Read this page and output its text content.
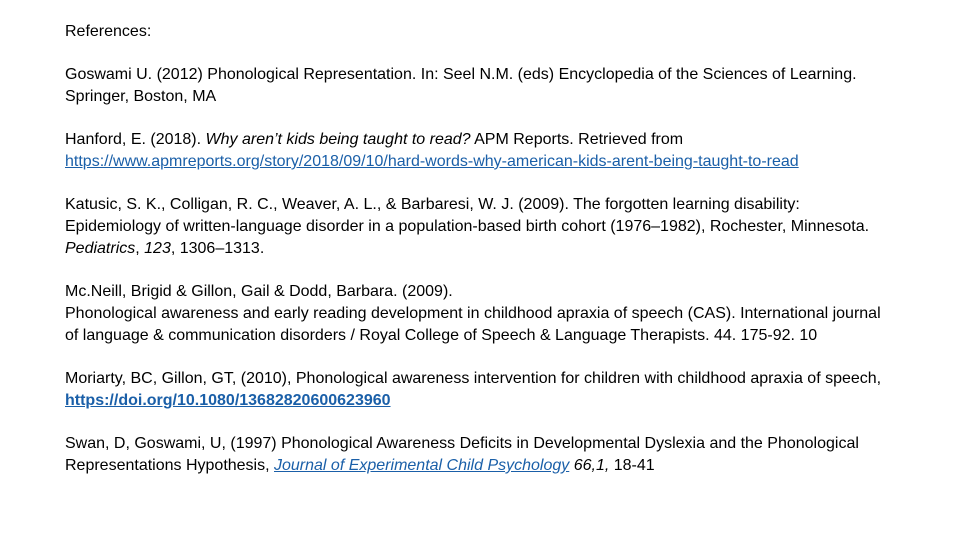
References:
Goswami U. (2012) Phonological Representation. In: Seel N.M. (eds) Encyclopedia of the Sciences of Learning. Springer, Boston, MA
Hanford, E. (2018). Why aren’t kids being taught to read? APM Reports. Retrieved from https://www.apmreports.org/story/2018/09/10/hard-words-why-american-kids-arent-being-taught-to-read
Katusic, S. K., Colligan, R. C., Weaver, A. L., & Barbaresi, W. J. (2009). The forgotten learning disability: Epidemiology of written-language disorder in a population-based birth cohort (1976–1982), Rochester, Minnesota. Pediatrics, 123, 1306–1313.
Mc.Neill, Brigid & Gillon, Gail & Dodd, Barbara. (2009).
Phonological awareness and early reading development in childhood apraxia of speech (CAS). International journal of language & communication disorders / Royal College of Speech & Language Therapists. 44. 175-92. 10
Moriarty, BC, Gillon, GT, (2010), Phonological awareness intervention for children with childhood apraxia of speech, https://doi.org/10.1080/13682820600623960
Swan, D, Goswami, U, (1997) Phonological Awareness Deficits in Developmental Dyslexia and the Phonological Representations Hypothesis, Journal of Experimental Child Psychology 66,1, 18-41
